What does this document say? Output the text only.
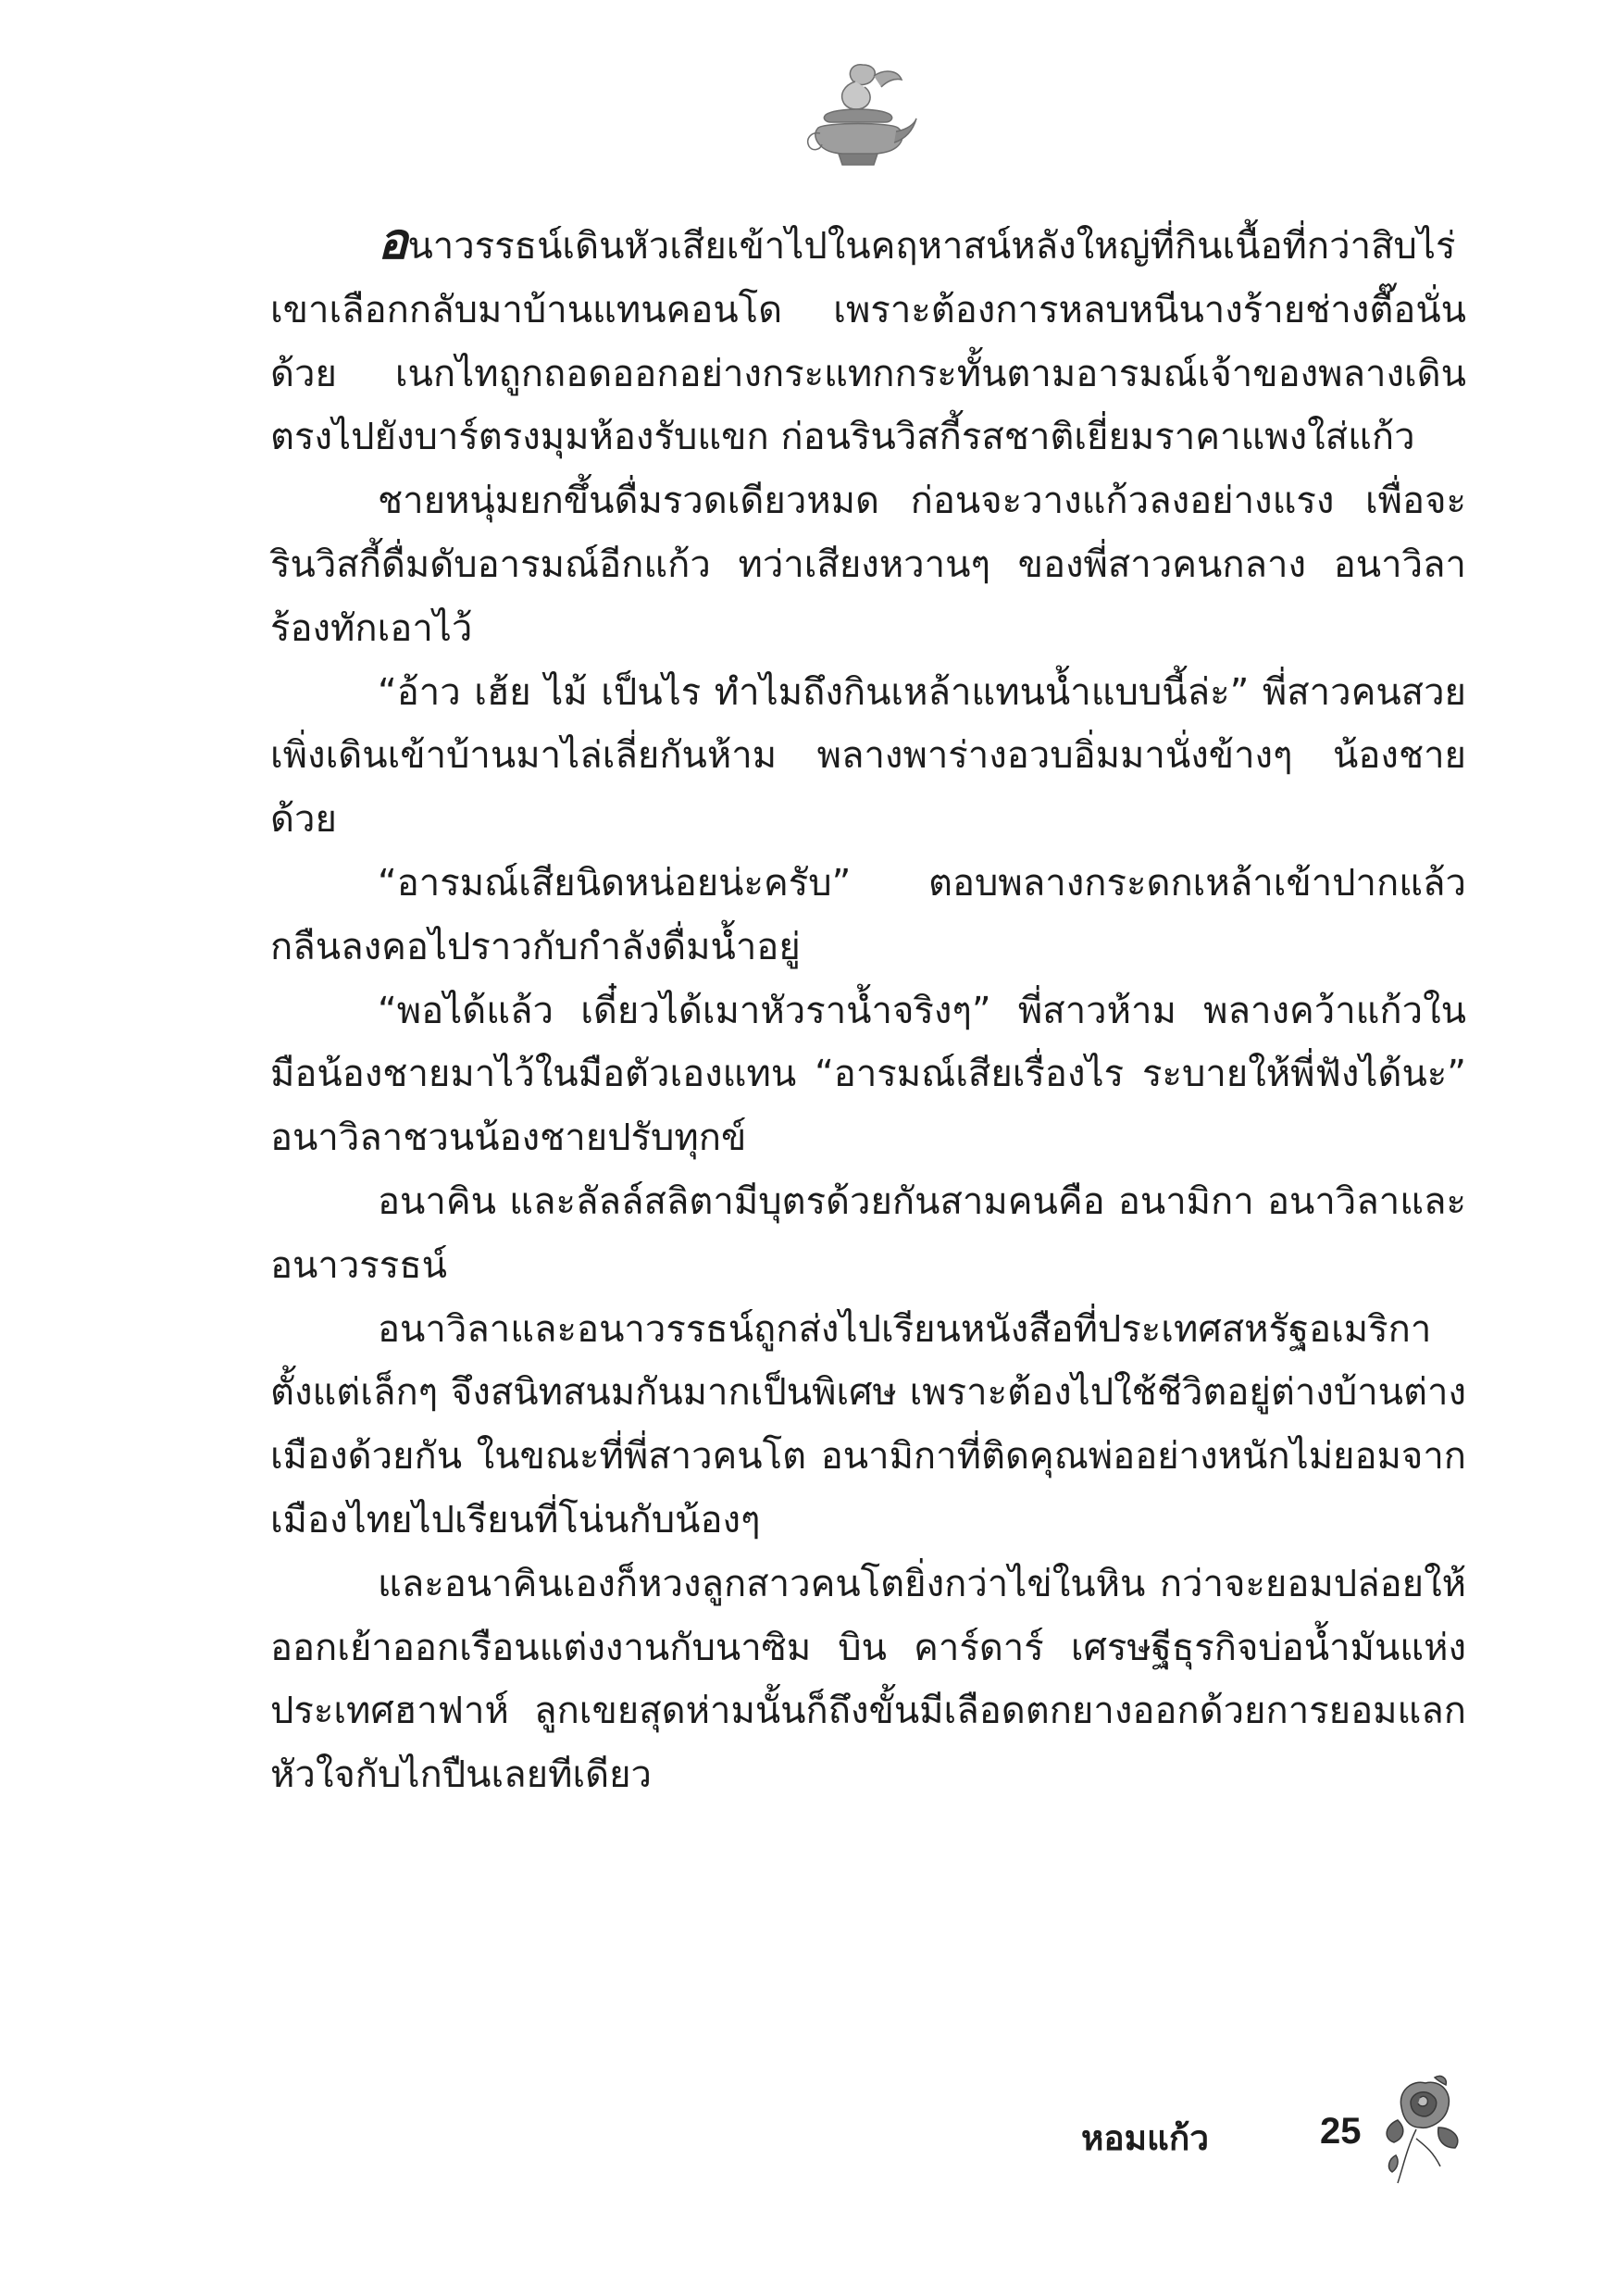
อนาวรรธน์เดินหัวเสียเข้าไปในคฤหาสน์หลังใหญ่ที่กินเนื้อที่กว่าสิบไร่ เขาเลือกกลับมาบ้านแทนคอนโด เพราะต้องการหลบหนีนางร้ายช่างตื๊อนั่นด้วย เนกไทถูกถอดออกอย่างกระแทกกระทั้นตามอารมณ์เจ้าของพลางเดินตรงไปยังบาร์ตรงมุมห้องรับแขก ก่อนรินวิสกี้รสชาติเยี่ยมราคาแพงใส่แก้ว

ชายหนุ่มยกขึ้นดื่มรวดเดียวหมด ก่อนจะวางแก้วลงอย่างแรง เพื่อจะรินวิสกี้ดื่มดับอารมณ์อีกแก้ว ทว่าเสียงหวานๆ ของพี่สาวคนกลาง อนาวิลาร้องทักเอาไว้

“อ้าว เฮ้ย ไม้ เป็นไร ทำไมถึงกินเหล้าแทนน้ำแบบนี้ล่ะ” พี่สาวคนสวยเพิ่งเดินเข้าบ้านมาไล่เลี่ยกันห้าม พลางพาร่างอวบอิ่มมานั่งข้างๆ น้องชายด้วย

“อารมณ์เสียนิดหน่อยน่ะครับ” ตอบพลางกระดกเหล้าเข้าปากแล้วกลืนลงคอไปราวกับกำลังดื่มน้ำอยู่

“พอได้แล้ว เดี๋ยวได้เมาหัวราน้ำจริงๆ” พี่สาวห้าม พลางคว้าแก้วในมือน้องชายมาไว้ในมือตัวเองแทน “อารมณ์เสียเรื่องไร ระบายให้พี่ฟังได้นะ” อนาวิลาชวนน้องชายปรับทุกข์

อนาคิน และลัลล์สลิตามีบุตรด้วยกันสามคนคือ อนามิกา อนาวิลาและอนาวรรธน์

อนาวิลาและอนาวรรธน์ถูกส่งไปเรียนหนังสือที่ประเทศสหรัฐอเมริกาตั้งแต่เล็กๆ จึงสนิทสนมกันมากเป็นพิเศษ เพราะต้องไปใช้ชีวิตอยู่ต่างบ้านต่างเมืองด้วยกัน ในขณะที่พี่สาวคนโต อนามิกาที่ติดคุณพ่ออย่างหนักไม่ยอมจากเมืองไทยไปเรียนที่โน่นกับน้องๆ

และอนาคินเองก็หวงลูกสาวคนโตยิ่งกว่าไข่ในหิน กว่าจะยอมปล่อยให้ออกเย้าออกเรือนแต่งงานกับนาซิม บิน คาร์ดาร์ เศรษฐีธุรกิจบ่อน้ำมันแห่งประเทศฮาฟาห์ ลูกเขยสุดห่ามนั้นก็ถึงขั้นมีเลือดตกยางออกด้วยการยอมแลกหัวใจกับไกปืนเลยทีเดียว

หอมแก้ว	25
